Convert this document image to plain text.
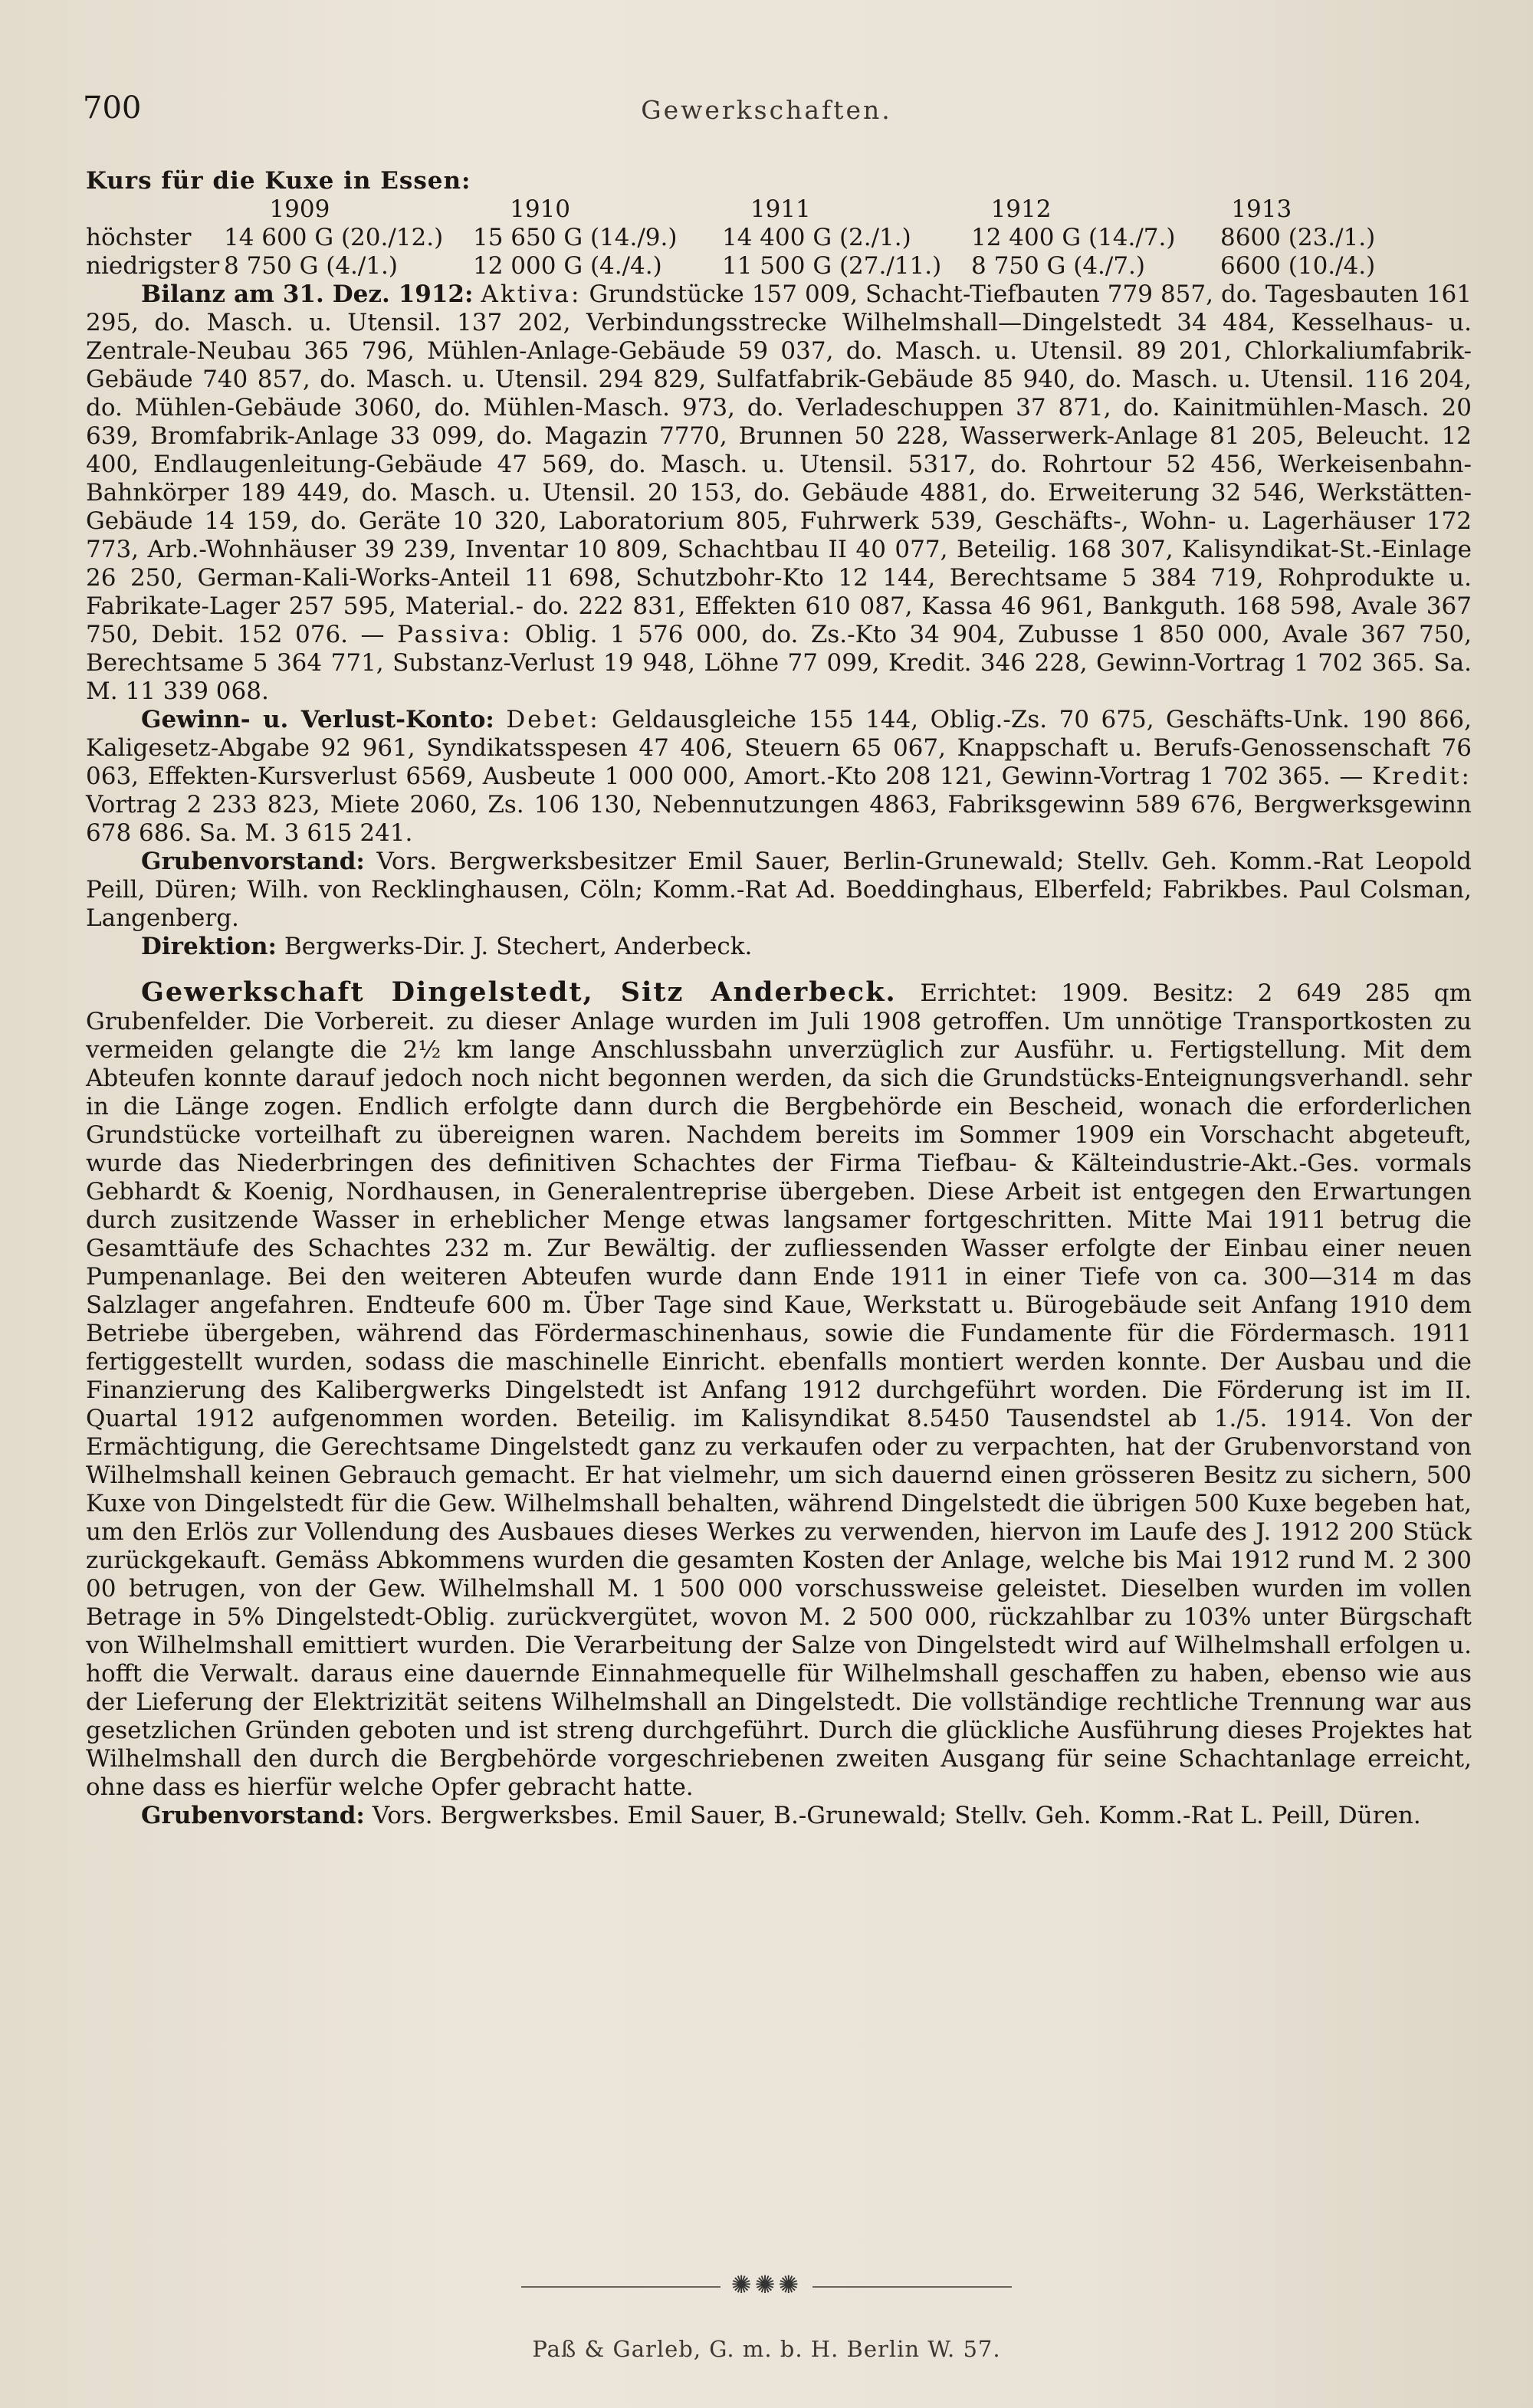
700	Gewerkschaften.
Kurs für die Kuxe in Essen:
1909	1910	1911	1912	1913
höchster	14 600 G (20./12.)	15 650 G (14./9.)	14 400 G (2./1.)	12 400 G (14./7.)	8600 (23./1.)
niedrigster 8 750 G (4./1.)	12 000 G (4./4.)	11 500 G (27./11.)	8 750 G (4./7.)	6600 (10./4.)

Bilanz am 31. Dez. 1912: Aktiva: Grundstücke 157 009, Schacht-Tiefbauten 779 857, do. Tagesbauten 161 295, do. Masch. u. Utensil. 137 202, Verbindungsstrecke Wilhelmshall—Dingelstedt 34 484, Kesselhaus- u. Zentrale-Neubau 365 796, Mühlen-Anlage-Gebäude 59 037, do. Masch. u. Utensil. 89 201, Chlorkaliumfabrik-Gebäude 740 857, do. Masch. u. Utensil. 294 829, Sulfatfabrik-Gebäude 85 940, do. Masch. u. Utensil. 116 204, do. Mühlen-Gebäude 3060, do. Mühlen-Masch. 973, do. Verladeschuppen 37 871, do. Kainitmühlen-Masch. 20 639, Bromfabrik-Anlage 33 099, do. Magazin 7770, Brunnen 50 228, Wasserwerk-Anlage 81 205, Beleucht. 12 400, Endlaugenleitung-Gebäude 47 569, do. Masch. u. Utensil. 5317, do. Rohrtour 52 456, Werkeisenbahn-Bahnkörper 189 449, do. Masch. u. Utensil. 20 153, do. Gebäude 4881, do. Erweiterung 32 546, Werkstätten-Gebäude 14 159, do. Geräte 10 320, Laboratorium 805, Fuhrwerk 539, Geschäfts-, Wohn- u. Lagerhäuser 172 773, Arb.-Wohnhäuser 39 239, Inventar 10 809, Schachtbau II 40 077, Beteilig. 168 307, Kalisyndikat-St.-Einlage 26 250, German-Kali-Works-Anteil 11 698, Schutzbohr-Kto 12 144, Berechtsame 5 384 719, Rohprodukte u. Fabrikate-Lager 257 595, Material.- do. 222 831, Effekten 610 087, Kassa 46 961, Bankguth. 168 598, Avale 367 750, Debit. 152 076. — Passiva: Oblig. 1 576 000, do. Zs.-Kto 34 904, Zubusse 1 850 000, Avale 367 750, Berechtsame 5 364 771, Substanz-Verlust 19 948, Löhne 77 099, Kredit. 346 228, Gewinn-Vortrag 1 702 365. Sa. M. 11 339 068.

Gewinn- u. Verlust-Konto: Debet: Geldausgleiche 155 144, Oblig.-Zs. 70 675, Geschäfts-Unk. 190 866, Kaligesetz-Abgabe 92 961, Syndikatsspesen 47 406, Steuern 65 067, Knappschaft u. Berufs-Genossenschaft 76 063, Effekten-Kursverlust 6569, Ausbeute 1 000 000, Amort.-Kto 208 121, Gewinn-Vortrag 1 702 365. — Kredit: Vortrag 2 233 823, Miete 2060, Zs. 106 130, Nebennutzungen 4863, Fabriksgewinn 589 676, Bergwerksgewinn 678 686. Sa. M. 3 615 241.

Grubenvorstand: Vors. Bergwerksbesitzer Emil Sauer, Berlin-Grunewald; Stellv. Geh. Komm.-Rat Leopold Peill, Düren; Wilh. von Recklinghausen, Cöln; Komm.-Rat Ad. Boeddinghaus, Elberfeld; Fabrikbes. Paul Colsman, Langenberg.

Direktion: Bergwerks-Dir. J. Stechert, Anderbeck.

Gewerkschaft Dingelstedt, Sitz Anderbeck. Errichtet: 1909. Besitz: 2 649 285 qm Grubenfelder. Die Vorbereit. zu dieser Anlage wurden im Juli 1908 getroffen. Um unnötige Transportkosten zu vermeiden gelangte die 2½ km lange Anschlussbahn unverzüglich zur Ausführ. u. Fertigstellung. Mit dem Abteufen konnte darauf jedoch noch nicht begonnen werden, da sich die Grundstücks-Enteignungsverhandl. sehr in die Länge zogen. Endlich erfolgte dann durch die Bergbehörde ein Bescheid, wonach die erforderlichen Grundstücke vorteilhaft zu übereignen waren. Nachdem bereits im Sommer 1909 ein Vorschacht abgeteuft, wurde das Niederbringen des definitiven Schachtes der Firma Tiefbau- & Kälteindustrie-Akt.-Ges. vormals Gebhardt & Koenig, Nordhausen, in Generalentreprise übergeben. Diese Arbeit ist entgegen den Erwartungen durch zusitzende Wasser in erheblicher Menge etwas langsamer fortgeschritten. Mitte Mai 1911 betrug die Gesamttäufe des Schachtes 232 m. Zur Bewältig. der zufliessenden Wasser erfolgte der Einbau einer neuen Pumpenanlage. Bei den weiteren Abteufen wurde dann Ende 1911 in einer Tiefe von ca. 300—314 m das Salzlager angefahren. Endteufe 600 m. Über Tage sind Kaue, Werkstatt u. Bürogebäude seit Anfang 1910 dem Betriebe übergeben, während das Fördermaschinenhaus, sowie die Fundamente für die Fördermasch. 1911 fertiggestellt wurden, sodass die maschinelle Einricht. ebenfalls montiert werden konnte. Der Ausbau und die Finanzierung des Kalibergwerks Dingelstedt ist Anfang 1912 durchgeführt worden. Die Förderung ist im II. Quartal 1912 aufgenommen worden. Beteilig. im Kalisyndikat 8.5450 Tausendstel ab 1./5. 1914. Von der Ermächtigung, die Gerechtsame Dingelstedt ganz zu verkaufen oder zu verpachten, hat der Grubenvorstand von Wilhelmshall keinen Gebrauch gemacht. Er hat vielmehr, um sich dauernd einen grösseren Besitz zu sichern, 500 Kuxe von Dingelstedt für die Gew. Wilhelmshall behalten, während Dingelstedt die übrigen 500 Kuxe begeben hat, um den Erlös zur Vollendung des Ausbaues dieses Werkes zu verwenden, hiervon im Laufe des J. 1912 200 Stück zurückgekauft. Gemäss Abkommens wurden die gesamten Kosten der Anlage, welche bis Mai 1912 rund M. 2 300 00 betrugen, von der Gew. Wilhelmshall M. 1 500 000 vorschussweise geleistet. Dieselben wurden im vollen Betrage in 5% Dingelstedt-Oblig. zurückvergütet, wovon M. 2 500 000, rückzahlbar zu 103% unter Bürgschaft von Wilhelmshall emittiert wurden. Die Verarbeitung der Salze von Dingelstedt wird auf Wilhelmshall erfolgen u. hofft die Verwalt. daraus eine dauernde Einnahmequelle für Wilhelmshall geschaffen zu haben, ebenso wie aus der Lieferung der Elektrizität seitens Wilhelmshall an Dingelstedt. Die vollständige rechtliche Trennung war aus gesetzlichen Gründen geboten und ist streng durchgeführt. Durch die glückliche Ausführung dieses Projektes hat Wilhelmshall den durch die Bergbehörde vorgeschriebenen zweiten Ausgang für seine Schachtanlage erreicht, ohne dass es hierfür welche Opfer gebracht hatte.

Grubenvorstand: Vors. Bergwerksbes. Emil Sauer, B.-Grunewald; Stellv. Geh. Komm.-Rat L. Peill, Düren.

✺✺✺
Paß & Garleb, G. m. b. H. Berlin W. 57.
